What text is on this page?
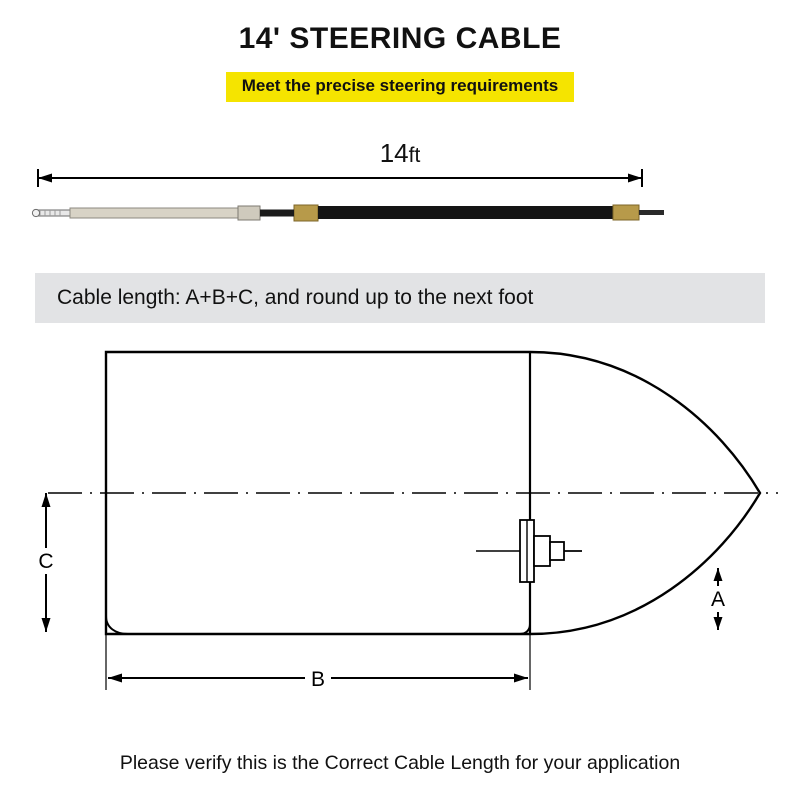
14' STEERING CABLE
Meet the precise steering requirements
14ft
Cable length: A+B+C, and round up to the next foot
C
A
B
Please verify this is the Correct Cable Length for your application
